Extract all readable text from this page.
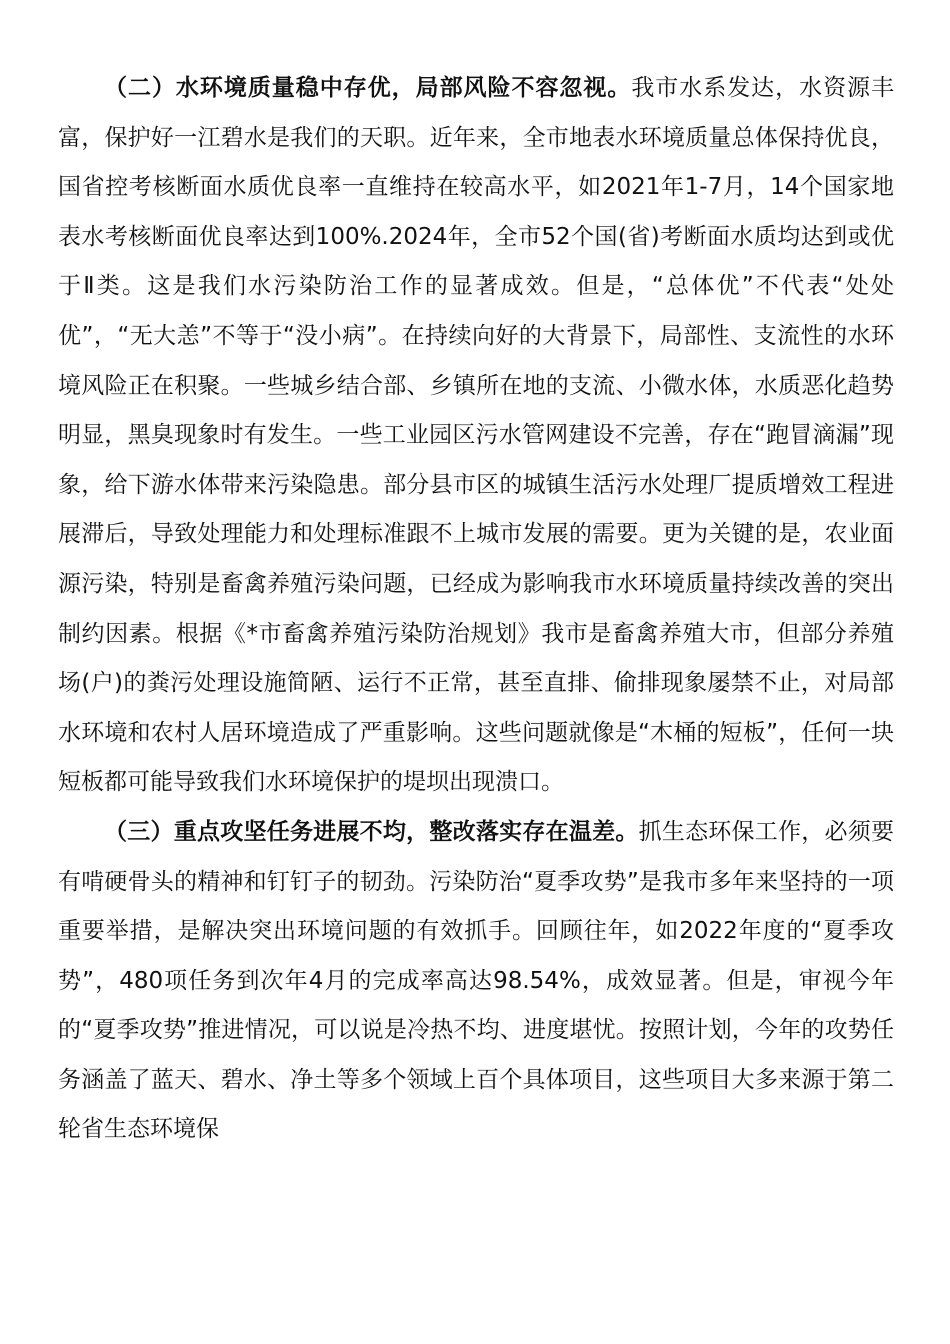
（二）水环境质量稳中存优，局部风险不容忽视。我市水系发达，水资源丰富，保护好一江碧水是我们的天职。近年来，全市地表水环境质量总体保持优良，国省控考核断面水质优良率一直维持在较高水平，如2021年1-7月，14个国家地表水考核断面优良率达到100%.2024年，全市52个国(省)考断面水质均达到或优于Ⅱ类。这是我们水污染防治工作的显著成效。但是，“总体优”不代表“处处优”，“无大恙”不等于“没小病”。在持续向好的大背景下，局部性、支流性的水环境风险正在积聚。一些城乡结合部、乡镇所在地的支流、小微水体，水质恶化趋势明显，黑臭现象时有发生。一些工业园区污水管网建设不完善，存在“跑冒滴漏”现象，给下游水体带来污染隐患。部分县市区的城镇生活污水处理厂提质增效工程进展滞后，导致处理能力和处理标准跟不上城市发展的需要。更为关键的是，农业面源污染，特别是畜禽养殖污染问题，已经成为影响我市水环境质量持续改善的突出制约因素。根据《*市畜禽养殖污染防治规划》我市是畜禽养殖大市，但部分养殖场(户)的粪污处理设施简陋、运行不正常，甚至直排、偷排现象屡禁不止，对局部水环境和农村人居环境造成了严重影响。这些问题就像是“木桶的短板”，任何一块短板都可能导致我们水环境保护的堤坝出现溃口。

（三）重点攻坚任务进展不均，整改落实存在温差。抓生态环保工作，必须要有啃硬骨头的精神和钉钉子的韧劲。污染防治“夏季攻势”是我市多年来坚持的一项重要举措，是解决突出环境问题的有效抓手。回顾往年，如2022年度的“夏季攻势”，480项任务到次年4月的完成率高达98.54%，成效显著。但是，审视今年的“夏季攻势”推进情况，可以说是冷热不均、进度堪忧。按照计划，今年的攻势任务涵盖了蓝天、碧水、净土等多个领域上百个具体项目，这些项目大多来源于第二轮省生态环境保
